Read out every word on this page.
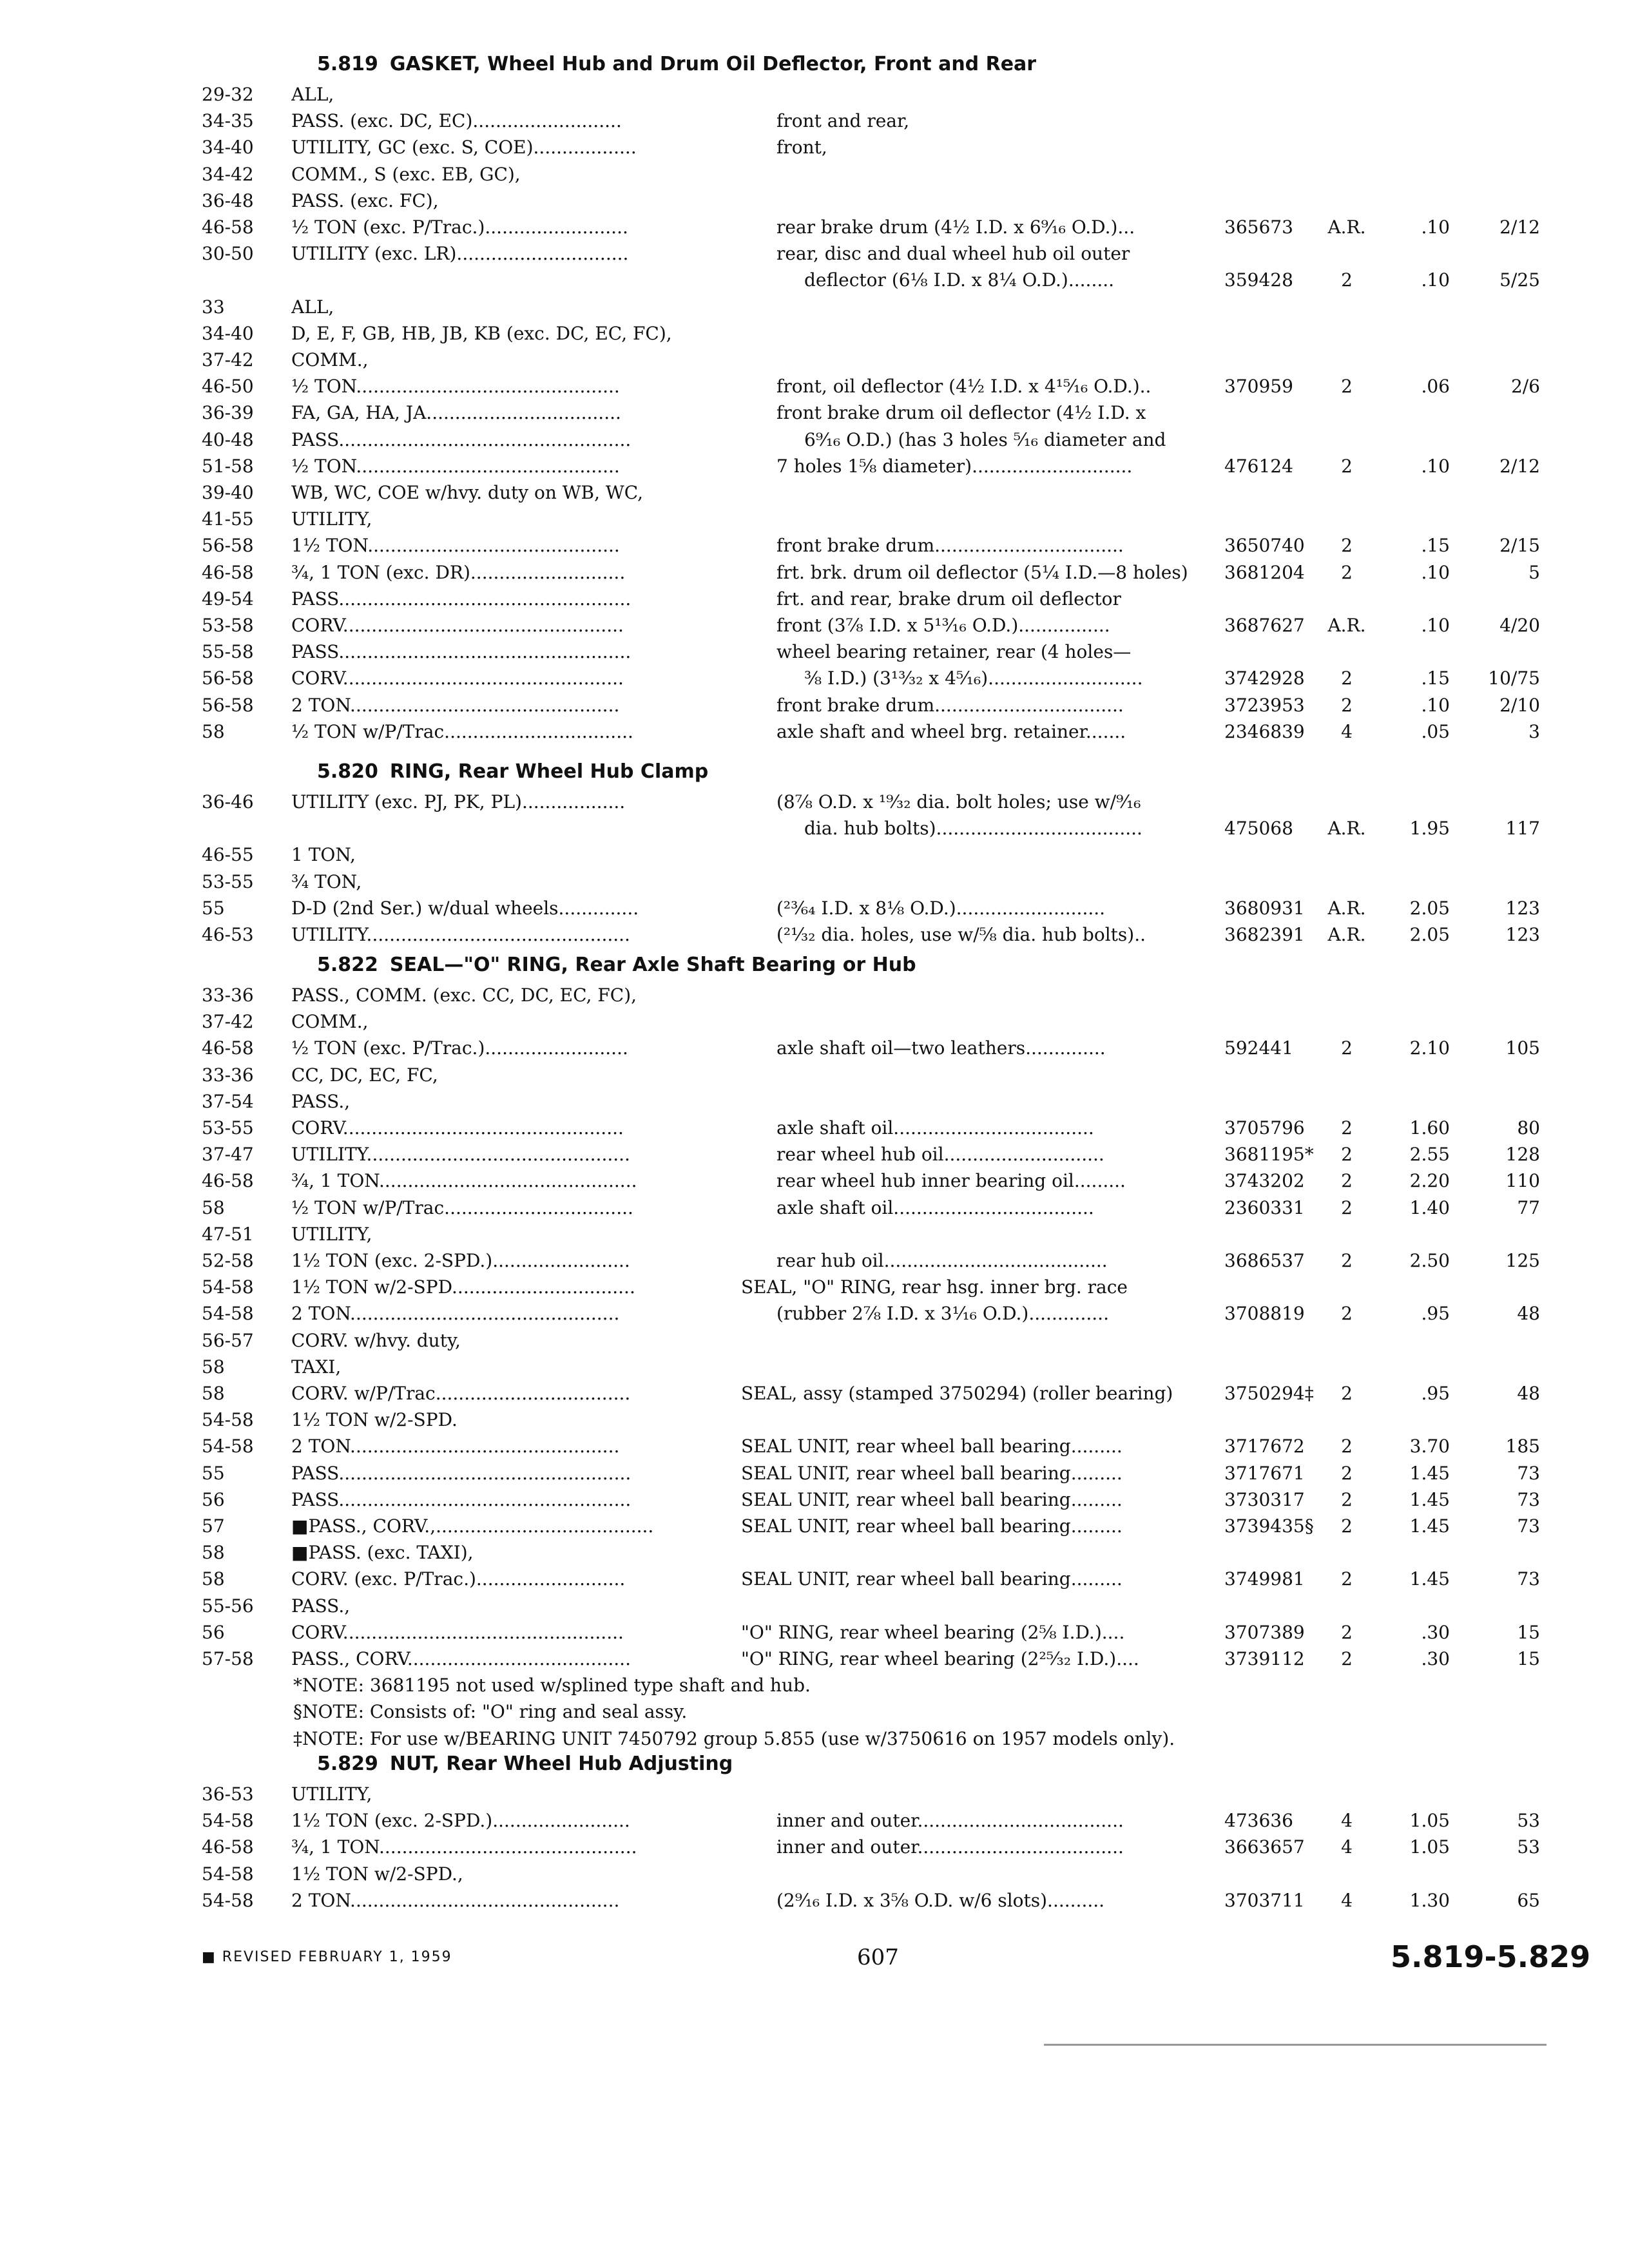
5.819 GASKET, Wheel Hub and Drum Oil Deflector, Front and Rear
29-32 ALL,
34-35 PASS. (exc. DC, EC)..........................	front and rear,
34-40 UTILITY, GC (exc. S, COE)..................	front,
34-42 COMM., S (exc. EB, GC),
36-48 PASS. (exc. FC),
46-58 ½ TON (exc. P/Trac.).........................	rear brake drum (4½ I.D. x 6⁹⁄₁₆ O.D.)...	365673 A.R.	.10	2/12
30-50 UTILITY (exc. LR)..............................	rear, disc and dual wheel hub oil outer
deflector (6⅛ I.D. x 8¼ O.D.)........	359428	2	.10	5/25
33	ALL,
34-40 D, E, F, GB, HB, JB, KB (exc. DC, EC, FC),
37-42 COMM.,
46-50 ½ TON..............................................	front, oil deflector (4½ I.D. x 4¹⁵⁄₁₆ O.D.)..	370959	2	.06	2/6
36-39 FA, GA, HA, JA..................................	front brake drum oil deflector (4½ I.D. x
40-48 PASS...................................................	6⁹⁄₁₆ O.D.) (has 3 holes ⁵⁄₁₆ diameter and
51-58 ½ TON..............................................	7 holes 1⅝ diameter)............................	476124	2	.10	2/12
39-40 WB, WC, COE w/hvy. duty on WB, WC,
41-55 UTILITY,
56-58 1½ TON............................................	front brake drum.................................	3650740	2	.15	2/15
46-58 ¾, 1 TON (exc. DR)...........................	frt. brk. drum oil deflector (5¼ I.D.—8 holes) 3681204	2	.10	5
49-54 PASS...................................................	frt. and rear, brake drum oil deflector
53-58 CORV.................................................	front (3⅞ I.D. x 5¹³⁄₁₆ O.D.)................	3687627 A.R.	.10	4/20
55-58 PASS...................................................	wheel bearing retainer, rear (4 holes—
56-58 CORV.................................................	⅜ I.D.) (3¹³⁄₃₂ x 4⁵⁄₁₆)...........................	3742928	2	.15	10/75
56-58 2 TON...............................................	front brake drum.................................	3723953	2	.10	2/10
58	½ TON w/P/Trac.................................	axle shaft and wheel brg. retainer.......	2346839	4	.05	3
5.820 RING, Rear Wheel Hub Clamp
36-46 UTILITY (exc. PJ, PK, PL)..................	(8⅞ O.D. x ¹⁹⁄₃₂ dia. bolt holes; use w/⁹⁄₁₆
dia. hub bolts)....................................	475068 A.R.	1.95	117
46-55 1 TON,
53-55 ¾ TON,
55	D-D (2nd Ser.) w/dual wheels..............	(²³⁄₆₄ I.D. x 8⅛ O.D.)..........................	3680931 A.R.	2.05	123
46-53 UTILITY..............................................	(²¹⁄₃₂ dia. holes, use w/⅝ dia. hub bolts)..	3682391 A.R.	2.05	123
5.822 SEAL—"O" RING, Rear Axle Shaft Bearing or Hub
33-36 PASS., COMM. (exc. CC, DC, EC, FC),
37-42 COMM.,
46-58 ½ TON (exc. P/Trac.).........................	axle shaft oil—two leathers..............	592441	2	2.10	105
33-36 CC, DC, EC, FC,
37-54 PASS.,
53-55 CORV.................................................	axle shaft oil...................................	3705796	2	1.60	80
37-47 UTILITY..............................................	rear wheel hub oil............................	3681195*	2	2.55	128
46-58 ¾, 1 TON.............................................	rear wheel hub inner bearing oil.........	3743202	2	2.20	110
58	½ TON w/P/Trac.................................	axle shaft oil...................................	2360331	2	1.40	77
47-51 UTILITY,
52-58 1½ TON (exc. 2-SPD.)........................	rear hub oil.......................................	3686537	2	2.50	125
54-58 1½ TON w/2-SPD................................	SEAL, "O" RING, rear hsg. inner brg. race
54-58 2 TON...............................................	(rubber 2⅞ I.D. x 3⅟₁₆ O.D.)..............	3708819	2	.95	48
56-57 CORV. w/hvy. duty,
58	TAXI,
58	CORV. w/P/Trac..................................	SEAL, assy (stamped 3750294) (roller bearing)	3750294‡	2	.95	48
54-58 1½ TON w/2-SPD.
54-58 2 TON...............................................	SEAL UNIT, rear wheel ball bearing.........	3717672	2	3.70	185
55	PASS...................................................	SEAL UNIT, rear wheel ball bearing.........	3717671	2	1.45	73
56	PASS...................................................	SEAL UNIT, rear wheel ball bearing.........	3730317	2	1.45	73
57	■PASS., CORV.,......................................	SEAL UNIT, rear wheel ball bearing.........	3739435§	2	1.45	73
58	■PASS. (exc. TAXI),
58	CORV. (exc. P/Trac.)..........................	SEAL UNIT, rear wheel ball bearing.........	3749981	2	1.45	73
55-56 PASS.,
56	CORV.................................................	"O" RING, rear wheel bearing (2⅝ I.D.)....	3707389	2	.30	15
57-58 PASS., CORV.......................................	"O" RING, rear wheel bearing (2²⁵⁄₃₂ I.D.)....	3739112	2	.30	15
*NOTE: 3681195 not used w/splined type shaft and hub.
§NOTE: Consists of: "O" ring and seal assy.
‡NOTE: For use w/BEARING UNIT 7450792 group 5.855 (use w/3750616 on 1957 models only).
5.829 NUT, Rear Wheel Hub Adjusting
36-53 UTILITY,
54-58 1½ TON (exc. 2-SPD.)........................	inner and outer....................................	473636	4	1.05	53
46-58 ¾, 1 TON.............................................	inner and outer....................................	3663657	4	1.05	53
54-58 1½ TON w/2-SPD.,
54-58 2 TON...............................................	(2⁹⁄₁₆ I.D. x 3⅝ O.D. w/6 slots)..........	3703711	4	1.30	65
■ REVISED FEBRUARY 1, 1959	607	5.819-5.829
